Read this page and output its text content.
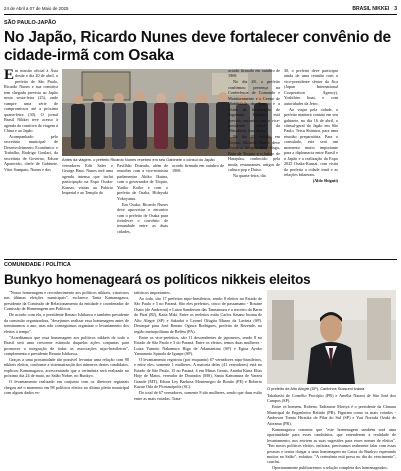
24 de Abril a 07 de Maio de 2025	BRASIL NIKKEI 3
SÃO PAULO-JAPÃO
No Japão, Ricardo Nunes deve fortalecer convênio de cidade-irmã com Osaka

Em missão oficial à Ásia desde o dia 20 de abril, o prefeito de São Paulo, Ricardo Nunes e sua comitiva tem chegada prevista ao Japão nesta sexta-feira (25), onde cumpre uma série de compromissos até a próxima quarta-feira (30). O jornal Brasil Nikkei teve acesso à agenda da comitiva da viagem à China e ao Japão.

Acompanhado pelo secretário municipal de Desenvolvimento Econômico e Trabalho, Rodrigo Goulart, da secretária de Governo, Edson Aparecido, chefe de Gabinete, Vitor Sampaio, Nunes e dos

Antes da viagem, o prefeito Ricardo Nunes recebeu em seu Gabinete o cônsul do Japão

vereadores Edir Sales e George Hato, Nunes terá uma agenda intensa que inclui participação na Expo Osaka-Kansai, visitas ao Palácio Imperial e ao Templo do

Pavilhão Doarado, além de reuniões com a vice-ministra parlamentar Akiko Ikuina, com o governador de Tóquio, Yuriko Koike e com o prefeito de Osaka, Hideyuki Yokoyama.

Em Osaka, Ricardo Nunes deve aproveitar o encontro com o prefeito de Osaka para fortalecer o convênio de irmandade entre as duas cidades,

acordo firmado em outubro de 1969.

acordo firmado em outubro de 1969.

No dia 28, o prefeito confirmou presença na Conferência de Comando e Monitoramento e o Centro de Mobilidade de Toquio e a Usina de Incineração de Suginami. Também está previsto encontro com o vice-presidente sênior da Mitsubishi, Juro Baba.

No dia 29, feriado em Toquio, Ricardo Nunes deve visitar o Templo Meiji-Jingu, Baia de Toquio e o bairro de Harajuku, conhecido pela moda, restaurantes, artigos de cultura pop e Daiso.

Na quarta-feira, dia

30, o prefeito deve participar ainda de uma reunião com o vice-presidente sênior da Jica (Japan International Cooperation Agency), Yoshihiro Imai, e com autoridades da Jetro.

Ao viajar pela cidade, o prefeito manterá contato em seu gabinete, no dia 16 de abril, o cônsul-geral do Japão em São Paulo, Tetsu Shimizu, para uma reunião preparatória. Para o consulado, este será um momento muito importante para a diplomacia entre Brasil e o Japão e a realização da Expo 2025 Osaka-Kansai, com visita do prefeito a cidade irmã e as relações bilaterais.

(Aldo Shiguti)

COMUNIDADE / POLÍTICA
Bunkyo homenageará os políticos nikkeis eleitos

"Nosso homenagem e reconhecimento aos políticos nikkeis, vitoriosos nas últimas eleições municipais", esclarece Tania Kamanagawa, presidente da Comissão de Relacionamento da entidade e coordenador de Comissão de Homenagem aos Políticos.

De acordo com ela, o presidente Renato Ishikawa e também presidente da comissão organizadora, "desejamos realizar essa homenagem antes de terminarmos o ano, mas não conseguimos organizar o levantamento dos eleitos a tempo".

"Acreditamos que essa homenagem aos políticos nikkeis de todo o Brasil será uma crescente estimulo daquelas ações conjuntas para promover a integração de todas as associações nipo-brasileiras", complementa o presidente Renato Ishikawa.

Graças a uma proximidade tão possível levantar uma relação com 90 nikkeis eleitos, conforme a sistematização dos números destes candidatos, explicou Kamanagawa, acrescentando que a cerimônia será realizada no próximo dia 24 de maio, no Salão Nobre, no Bunkyo.

O levantamento realizado em conjunto com os diretores regionais chegou até o momento em 98 políticos eleitos no último pleito municipal com alguns dados es-

tatísticos importantes.

Ao todo, são 17 prefeitos nipo-brasileiros, sendo 8 eleitos no Estado de São Paulo e 5 no Paraná. São eles prefeitos, cinco de passamano - Rosane Osato (de Andreoni) e Luiza Sanderson das Tannamura e a terceiro da Barra do Piraí (RJ), Kaita Miki. Entre os reeleitos estão Carlos Sasano Inoma de Alto Alegre (SP) e Sakadoi e Leonel Ofugita Murao da Lavínia (SP). Destaque para José Renato Ogawa Rodrigues, prefeito de Rezende, na região metropolitana de Belém (PA).

Entre os vice-prefeitos, são 11 descendentes de japoneses, sendo 8 no Estado de São Paulo e 3 do Paraná. Entre os eleitos, temos duas mulheres - Luiza Yamoto Nakamura Higa de Adamantina (SP) e Egina Ayoko Yamamoto Spinola de Iguape (SP).

O levantamento registrou (por enquanto) 67 vereadores nipo-brasileiros, e entre eles, somente 1 mulheres. A maioria deles (41 vereadores) está no Estado de São Paulo, 15 no Paraná, 4 em Minas Gerais, Anadai Kinta Elias Hoje de Matos, vereador de Dourados (MS), Santa Kamimura de Varzea Grande (MT), Edson Ley Barbosa Montenegro de Bonito (PE) e Roberto Kazuo Oda de Florianópolis (SC).

Do total de 67 vereadores, somente 8 são mulheres, sendo que duas estão entre as mais votadas. Trata-

O prefeito de Alto Alegre (SP), Carlinhos Sussumi Ivama

Takahashi de Cornélio Procópio (PR) e Amélia Naomi de São José dos Campos (SP).

Entre os homens, Roberto Tadizume Moriya é o presidente da Câmara Municipal de Engenheiro Beltrão (PR). Figuram como os mais votados - Anderson Tomio Hiraoka de Pilar do Sul (SP) e Yuri Noriaki Ozaki de Atorama (PR).

Kamanagawa comenta que "este homenagem também será uma oportunidade para esses candidatos, que entenderem a realidade de levantamento, nos enviem as suas sugestões para esses nomes de eleitos". "Em novos políticos eleitos, enfatiza, precisamos realmente falar com essas pessoas e tentar chegar a uma homenagem na Caixa do Bunkyo esperando muitos no Salão", enfatiza. "A cerimônia está presa no dia do vencimento", conclui.

Oportunamente publicaremos a relação completa dos homenageados.
